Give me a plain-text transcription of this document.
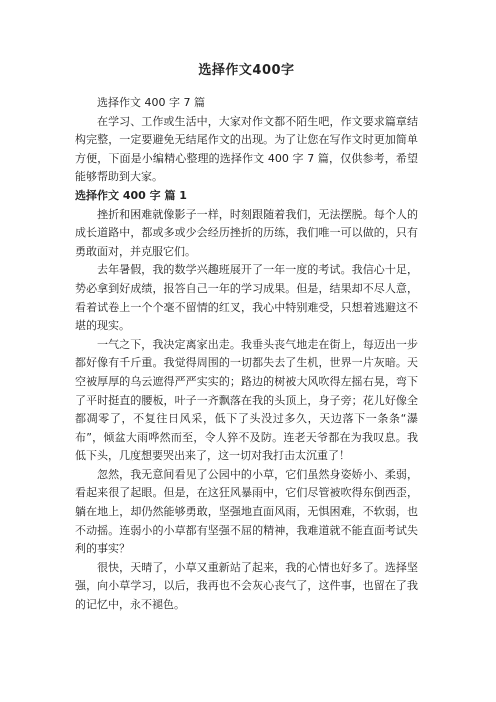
选择作文400字

选择作文 400 字 7 篇

在学习、工作或生活中，大家对作文都不陌生吧，作文要求篇章结构完整，一定要避免无结尾作文的出现。为了让您在写作文时更加简单方便，下面是小编精心整理的选择作文 400 字 7 篇，仅供参考，希望能够帮助到大家。

选择作文 400 字 篇 1

挫折和困难就像影子一样，时刻跟随着我们，无法摆脱。每个人的成长道路中，都或多或少会经历挫折的历练，我们唯一可以做的，只有勇敢面对，并克服它们。

去年暑假，我的数学兴趣班展开了一年一度的考试。我信心十足，势必拿到好成绩，报答自己一年的学习成果。但是，结果却不尽人意，看着试卷上一个个毫不留情的红叉，我心中特别难受，只想着逃避这不堪的现实。

一气之下，我决定离家出走。我垂头丧气地走在街上，每迈出一步都好像有千斤重。我觉得周围的一切都失去了生机，世界一片灰暗。天空被厚厚的乌云遮得严严实实的；路边的树被大风吹得左摇右晃，弯下了平时挺直的腰板，叶子一齐飘落在我的头顶上，身子旁；花儿好像全都凋零了，不复往日风采，低下了头没过多久，天边落下一条条“瀑布”，倾盆大雨哗然而至，令人猝不及防。连老天爷都在为我叹息。我低下头，几度想要哭出来了，这一切对我打击太沉重了！

忽然，我无意间看见了公园中的小草，它们虽然身姿娇小、柔弱，看起来很了起眼。但是，在这狂风暴雨中，它们尽管被吹得东倒西歪，躺在地上，却仍然能够勇敢，坚强地直面风雨，无惧困难，不软弱，也不动摇。连弱小的小草都有坚强不屈的精神，我难道就不能直面考试失利的事实？

很快，天晴了，小草又重新站了起来，我的心情也好多了。选择坚强，向小草学习，以后，我再也不会灰心丧气了，这件事，也留在了我的记忆中，永不褪色。
